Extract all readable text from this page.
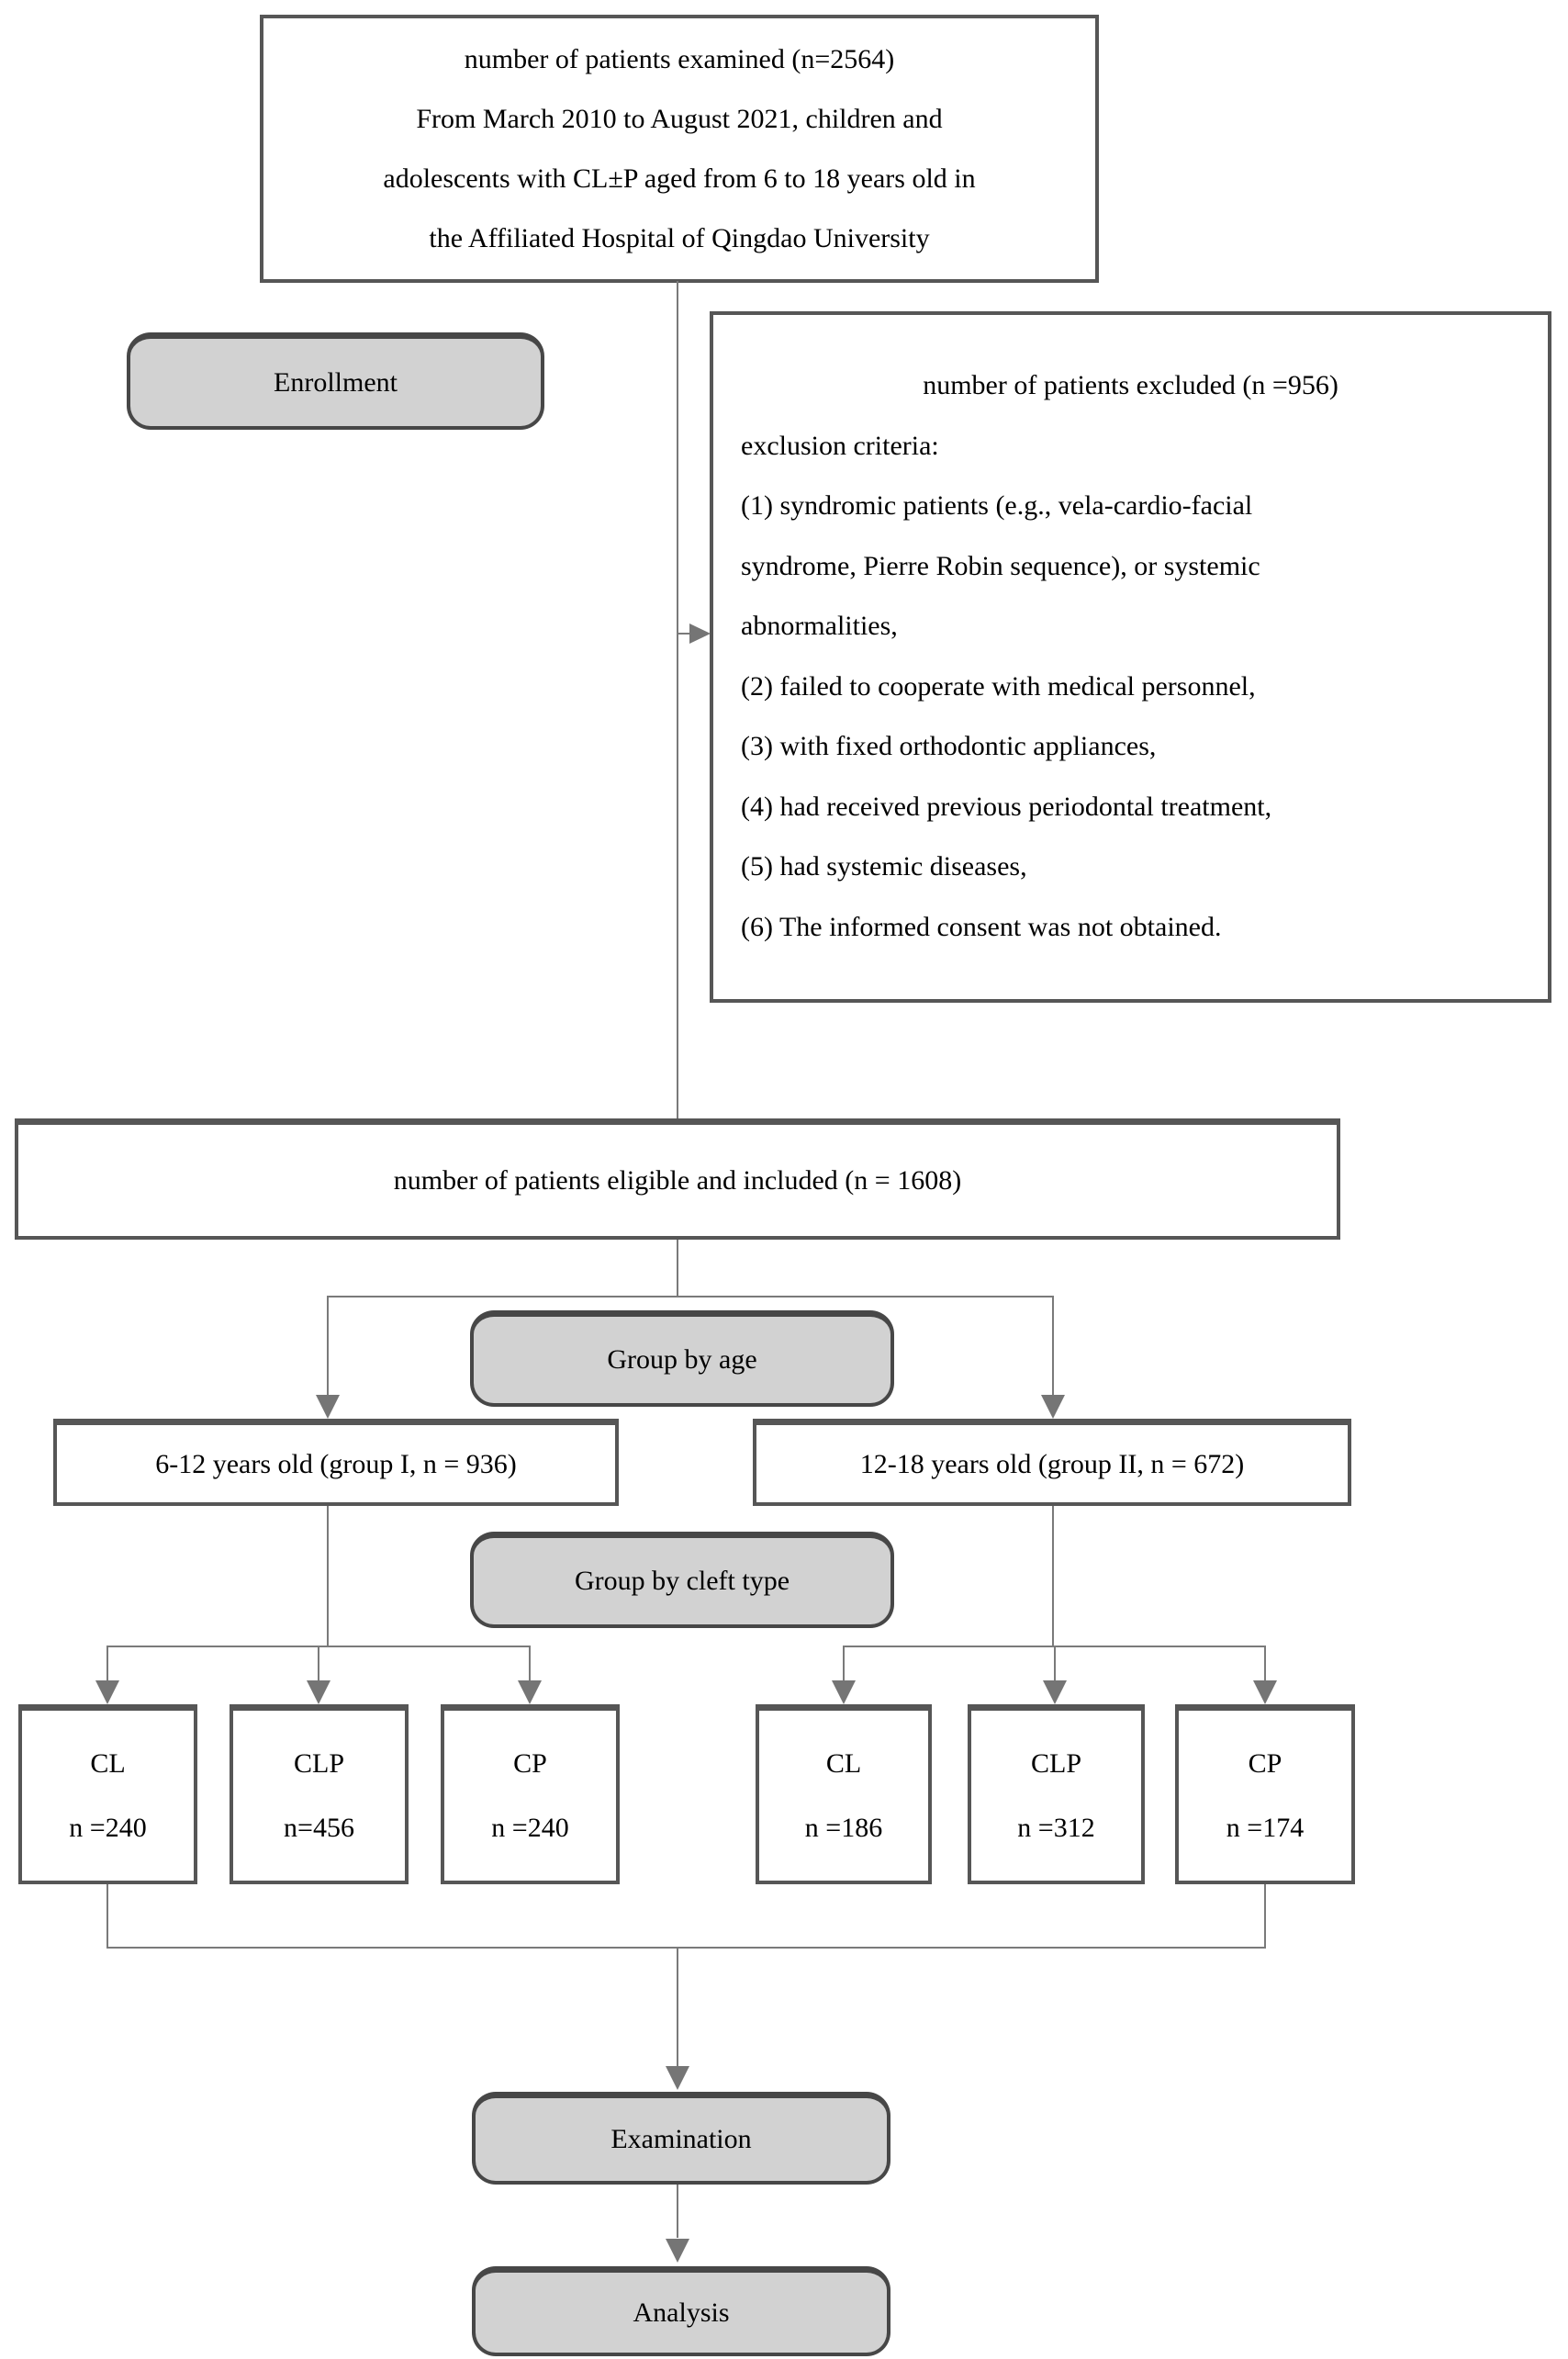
number of patients examined (n=2564)
From March 2010 to August 2021, children and
adolescents with CL±P aged from 6 to 18 years old in
the Affiliated Hospital of Qingdao University
Enrollment	number of patients excluded (n =956)
exclusion criteria:
(1) syndromic patients (e.g., vela-cardio-facial
syndrome, Pierre Robin sequence), or systemic
abnormalities,
(2) failed to cooperate with medical personnel,
(3) with fixed orthodontic appliances,
(4) had received previous periodontal treatment,
(5) had systemic diseases,
(6) The informed consent was not obtained.
number of patients eligible and included (n = 1608)
Group by age
6-12 years old (group I, n = 936)	12-18 years old (group II, n = 672)
Group by cleft type
CL
n =240
CLP
n=456
CP
n =240
CL
n =186
CLP
n =312
CP
n =174
Examination
Analysis
